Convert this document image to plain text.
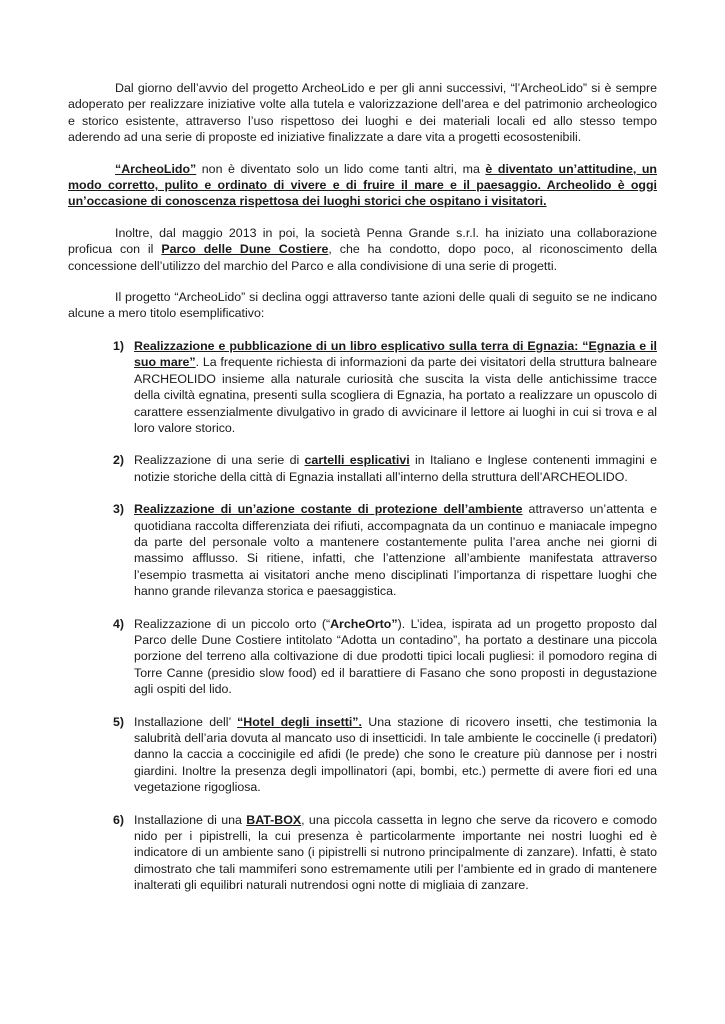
Dal giorno dell’avvio del progetto ArcheoLido e per gli anni successivi, “l’ArcheoLido” si è sempre adoperato per realizzare iniziative volte alla tutela e valorizzazione dell’area e del patrimonio archeologico e storico esistente, attraverso l’uso rispettoso dei luoghi e dei materiali locali ed allo stesso tempo aderendo ad una serie di proposte ed iniziative finalizzate a dare vita a progetti ecosostenibili.

“ArcheoLido” non è diventato solo un lido come tanti altri, ma è diventato un’attitudine, un modo corretto, pulito e ordinato di vivere e di fruire il mare e il paesaggio. Archeolido è oggi un’occasione di conoscenza rispettosa dei luoghi storici che ospitano i visitatori.

Inoltre, dal maggio 2013 in poi, la società Penna Grande s.r.l. ha iniziato una collaborazione proficua con il Parco delle Dune Costiere, che ha condotto, dopo poco, al riconoscimento della concessione dell’utilizzo del marchio del Parco e alla condivisione di una serie di progetti.

Il progetto “ArcheoLido” si declina oggi attraverso tante azioni delle quali di seguito se ne indicano alcune a mero titolo esemplificativo:

1) Realizzazione e pubblicazione di un libro esplicativo sulla terra di Egnazia: “Egnazia e il suo mare”. La frequente richiesta di informazioni da parte dei visitatori della struttura balneare ARCHEOLIDO insieme alla naturale curiosità che suscita la vista delle antichissime tracce della civiltà egnatina, presenti sulla scogliera di Egnazia, ha portato a realizzare un opuscolo di carattere essenzialmente divulgativo in grado di avvicinare il lettore ai luoghi in cui si trova e al loro valore storico.
2) Realizzazione di una serie di cartelli esplicativi in Italiano e Inglese contenenti immagini e notizie storiche della città di Egnazia installati all’interno della struttura dell’ARCHEOLIDO.
3) Realizzazione di un’azione costante di protezione dell’ambiente attraverso un’attenta e quotidiana raccolta differenziata dei rifiuti, accompagnata da un continuo e maniacale impegno da parte del personale volto a mantenere costantemente pulita l’area anche nei giorni di massimo afflusso. Si ritiene, infatti, che l’attenzione all’ambiente manifestata attraverso l’esempio trasmetta ai visitatori anche meno disciplinati l’importanza di rispettare luoghi che hanno grande rilevanza storica e paesaggistica.
4) Realizzazione di un piccolo orto (“ArcheOrto”). L’idea, ispirata ad un progetto proposto dal Parco delle Dune Costiere intitolato “Adotta un contadino”, ha portato a destinare una piccola porzione del terreno alla coltivazione di due prodotti tipici locali pugliesi: il pomodoro regina di Torre Canne (presidio slow food) ed il barattiere di Fasano che sono proposti in degustazione agli ospiti del lido.
5) Installazione dell’ “Hotel degli insetti”. Una stazione di ricovero insetti, che testimonia la salubrità dell’aria dovuta al mancato uso di insetticidi. In tale ambiente le coccinelle (i predatori) danno la caccia a coccinigile ed afidi (le prede) che sono le creature più dannose per i nostri giardini. Inoltre la presenza degli impollinatori (api, bombi, etc.) permette di avere fiori ed una vegetazione rigogliosa.
6) Installazione di una BAT-BOX, una piccola cassetta in legno che serve da ricovero e comodo nido per i pipistrelli, la cui presenza è particolarmente importante nei nostri luoghi ed è indicatore di un ambiente sano (i pipistrelli si nutrono principalmente di zanzare). Infatti, è stato dimostrato che tali mammiferi sono estremamente utili per l’ambiente ed in grado di mantenere inalterati gli equilibri naturali nutrendosi ogni notte di migliaia di zanzare.
